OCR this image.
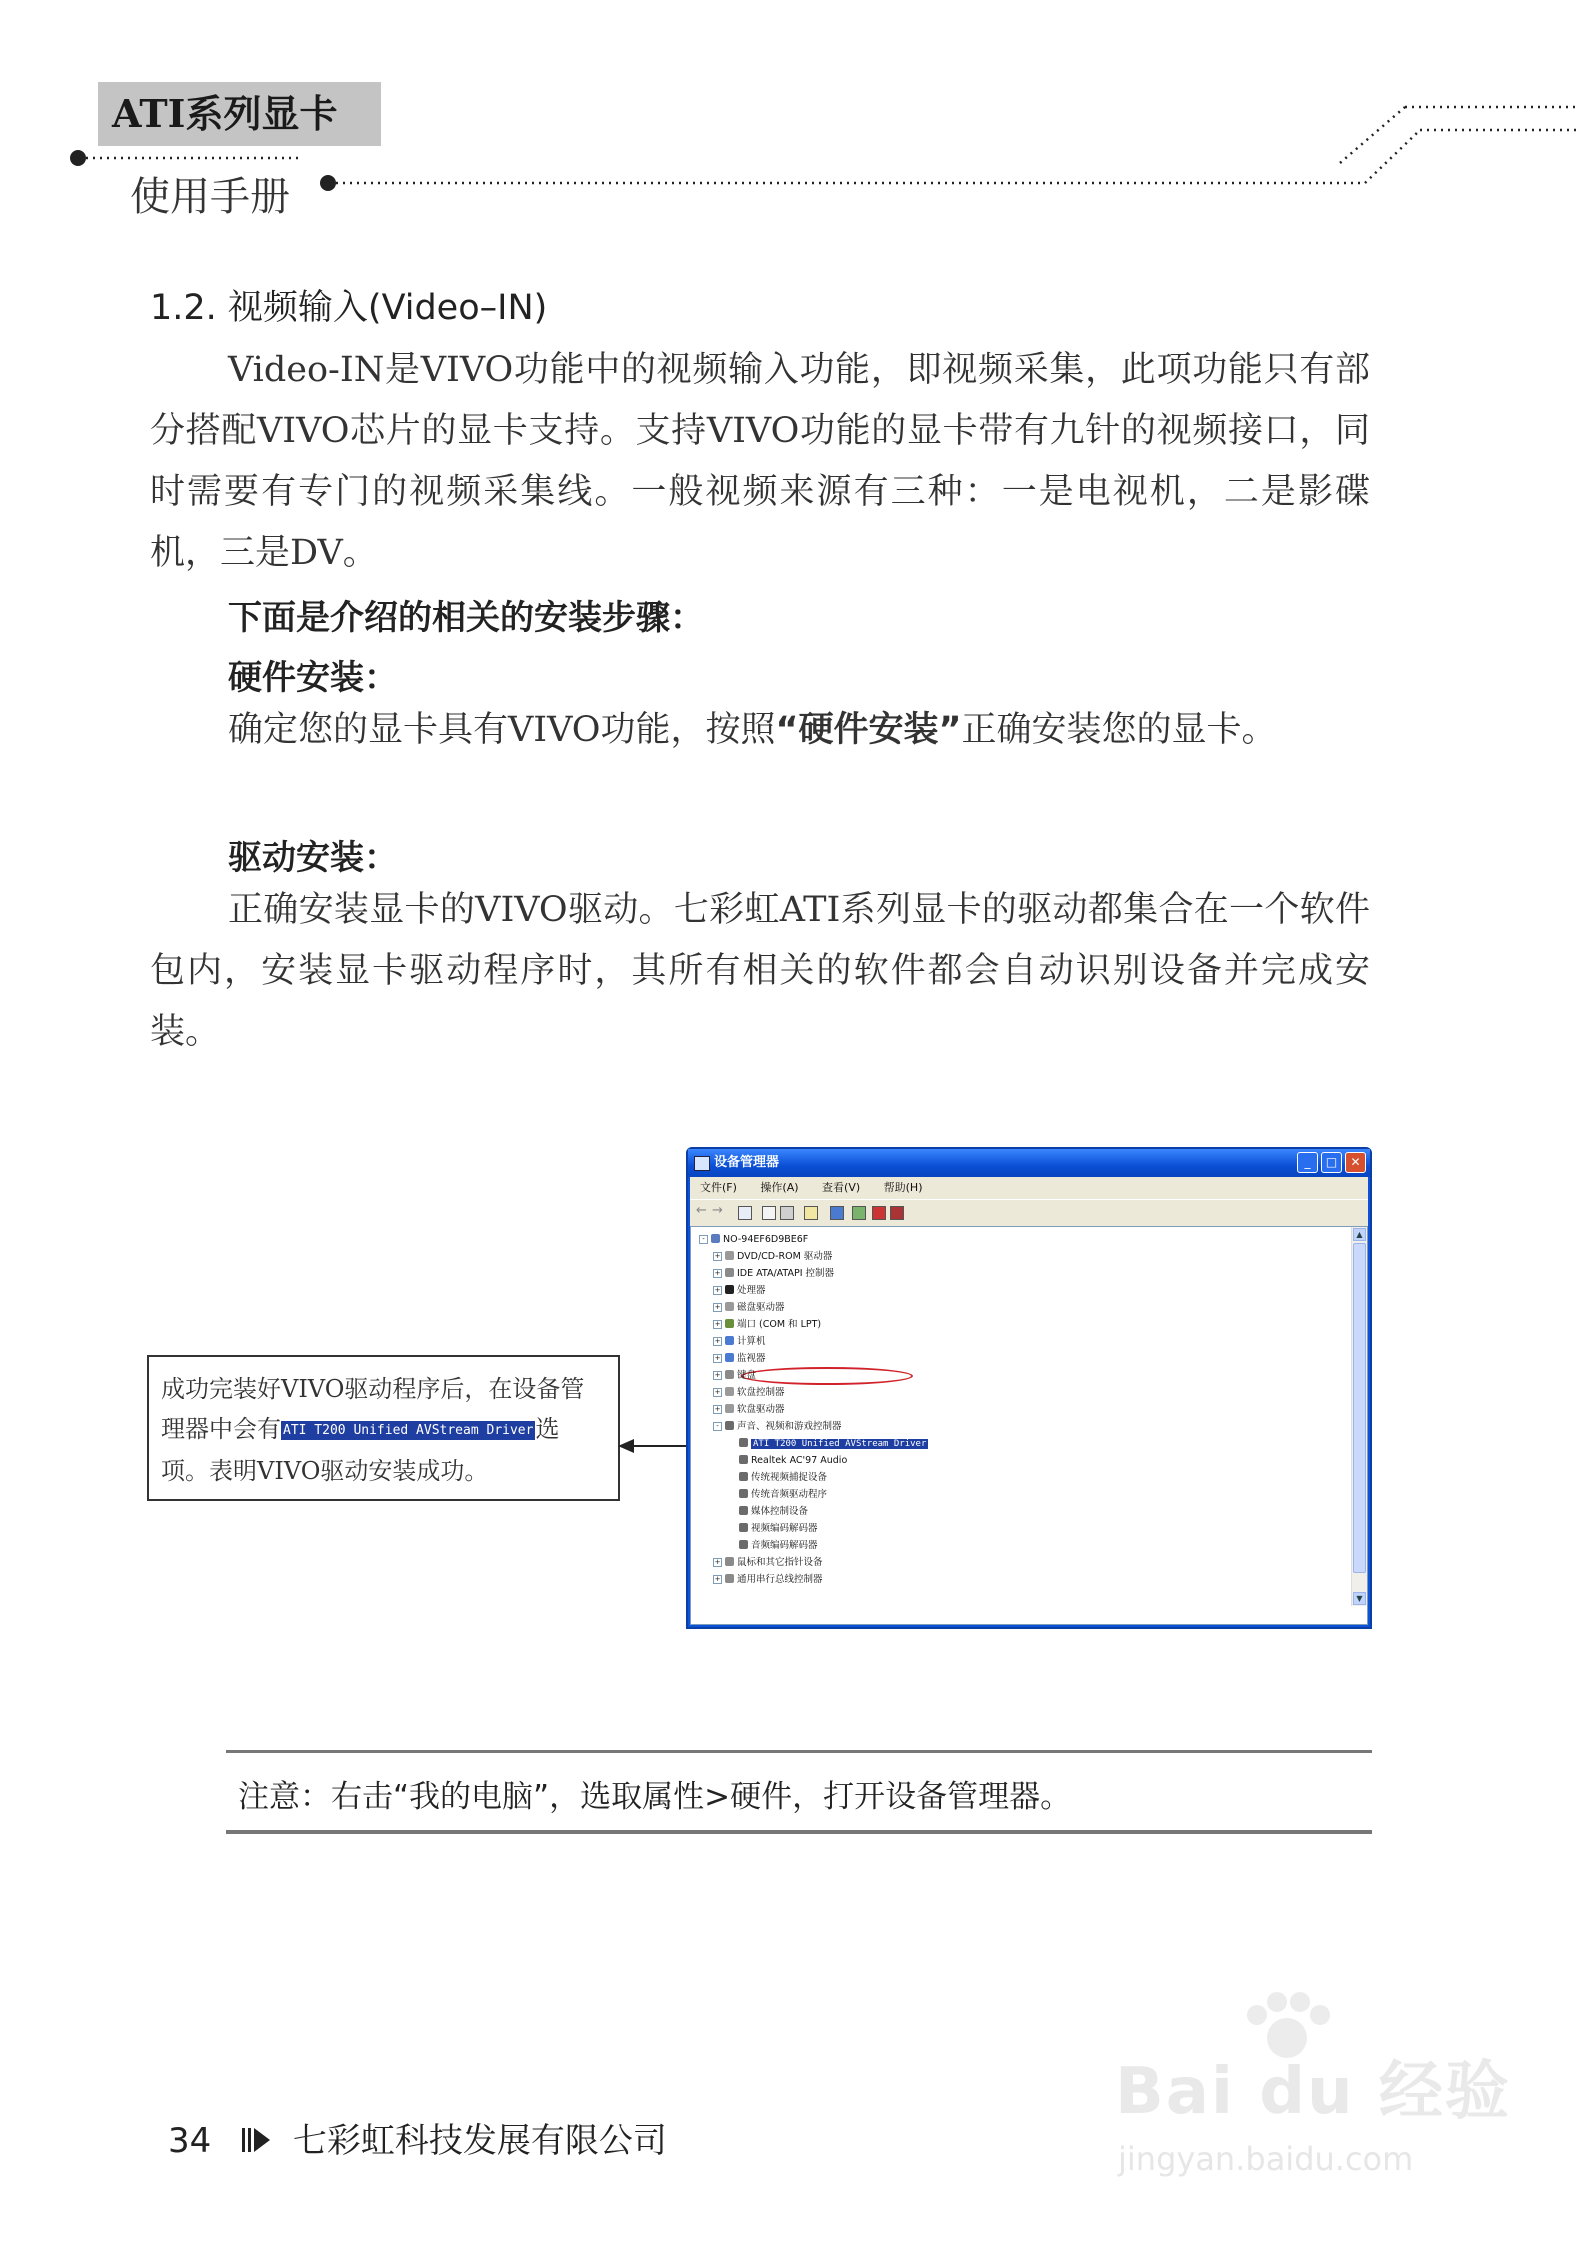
ATI系列显卡
使用手册
1.2. 视频输入(Video–IN)
Video-IN是VIVO功能中的视频输入功能，即视频采集，此项功能只有部分搭配VIVO芯片的显卡支持。支持VIVO功能的显卡带有九针的视频接口，同时需要有专门的视频采集线。一般视频来源有三种：一是电视机，二是影碟机，三是DV。
下面是介绍的相关的安装步骤：
硬件安装：
确定您的显卡具有VIVO功能，按照“硬件安装”正确安装您的显卡。
驱动安装：
正确安装显卡的VIVO驱动。七彩虹ATI系列显卡的驱动都集合在一个软件包内，安装显卡驱动程序时，其所有相关的软件都会自动识别设备并完成安装。
成功完装好VIVO驱动程序后，在设备管理器中会有 ATI T200 Unified AVStream Driver选项。表明VIVO驱动安装成功。
设备管理器	_	□	✕
文件(F) 操作(A) 查看(V) 帮助(H)
← →
▲
▼
- NO-94EF6D9BE6F
+ DVD/CD-ROM 驱动器
+ IDE ATA/ATAPI 控制器
+ 处理器
+ 磁盘驱动器
+ 端口 (COM 和 LPT)
+ 计算机
+ 监视器
+ 键盘
+ 软盘控制器
+ 软盘驱动器
- 声音、视频和游戏控制器
ATI T200 Unified AVStream Driver
Realtek AC'97 Audio
传统视频捕捉设备
传统音频驱动程序
媒体控制设备
视频编码解码器
音频编码解码器
+ 鼠标和其它指针设备
+ 通用串行总线控制器
注意：右击“我的电脑”，选取属性>硬件，打开设备管理器。
34 七彩虹科技发展有限公司
Bai du 经验
jingyan.baidu.com
